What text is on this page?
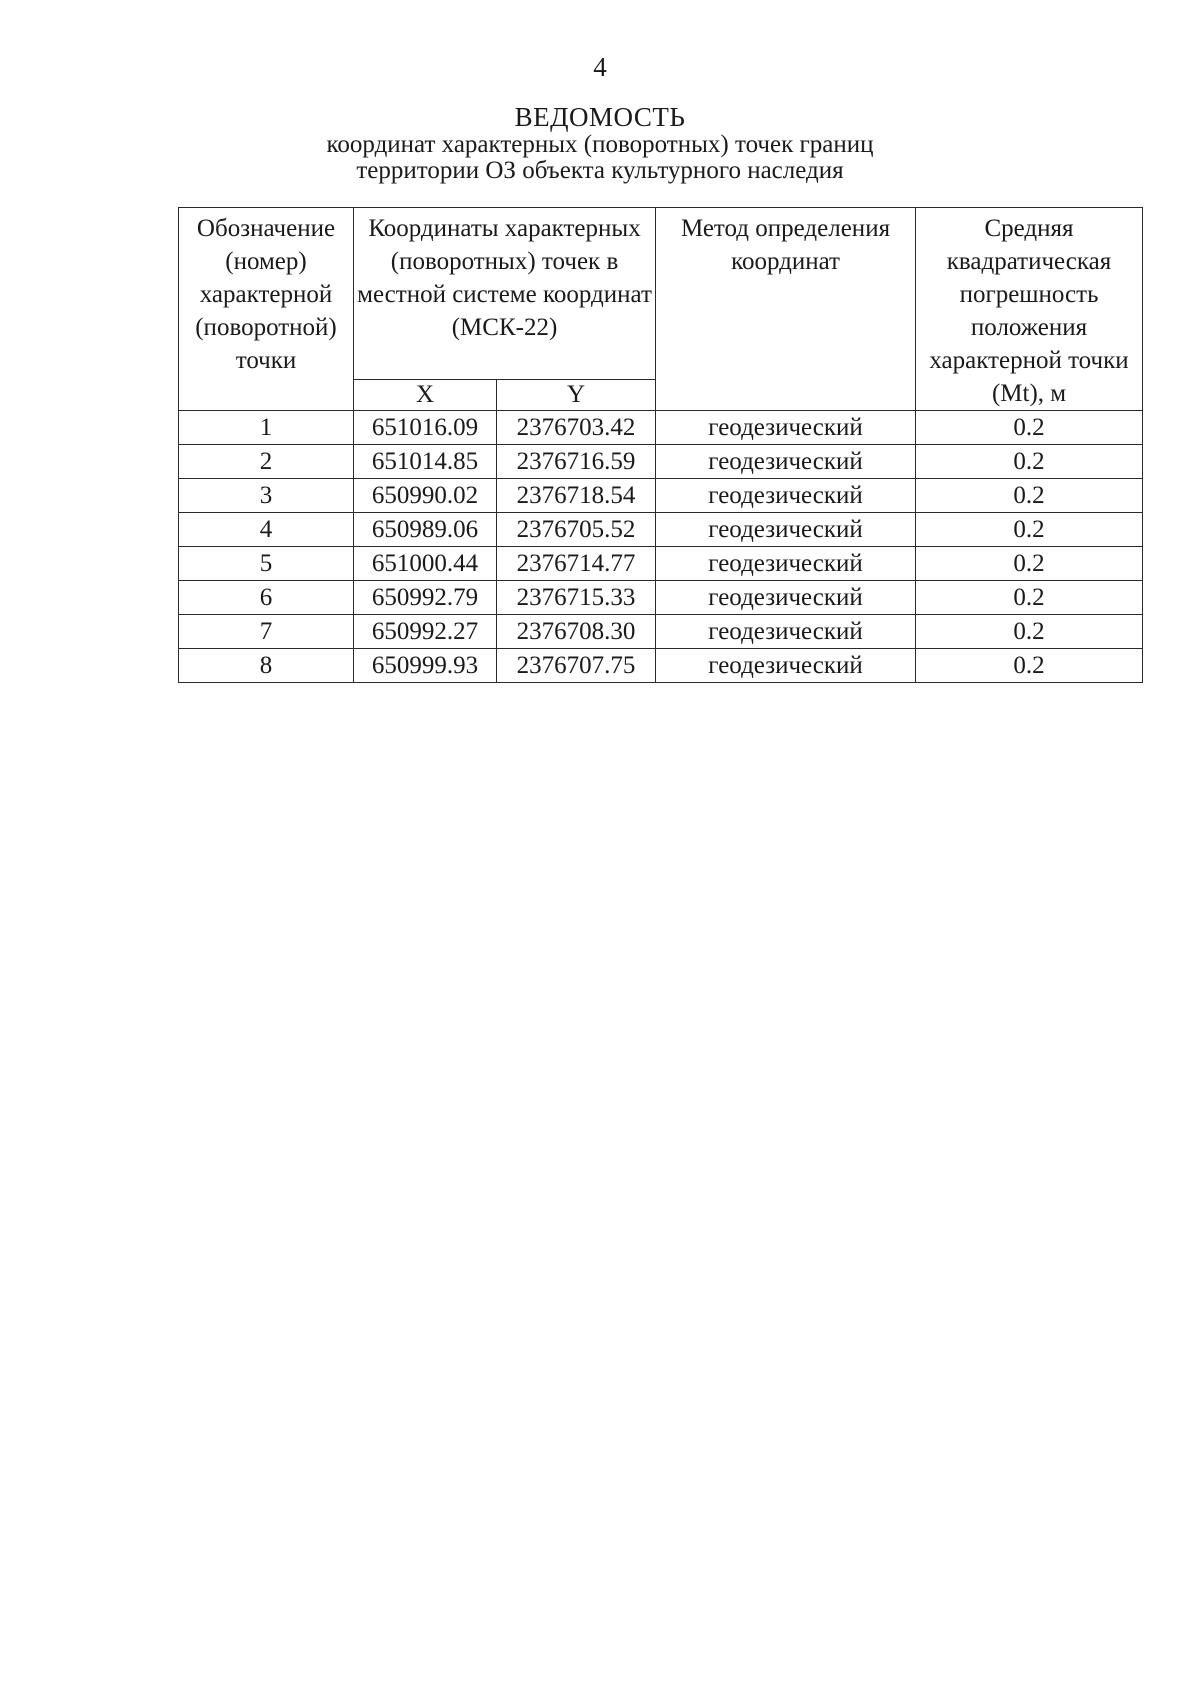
4
ВЕДОМОСТЬ
координат характерных (поворотных) точек границ
территории ОЗ объекта культурного наследия
Обозначение (номер) характерной (поворотной) точки	Координаты характерных (поворотных) точек в местной системе координат (МСК-22)		Метод определения координат	Средняя квадратическая погрешность положения характерной точки (Mt), м

	X	Y		
1	651016.09	2376703.42	геодезический	0.2
2	651014.85	2376716.59	геодезический	0.2
3	650990.02	2376718.54	геодезический	0.2
4	650989.06	2376705.52	геодезический	0.2
5	651000.44	2376714.77	геодезический	0.2
6	650992.79	2376715.33	геодезический	0.2
7	650992.27	2376708.30	геодезический	0.2
8	650999.93	2376707.75	геодезический	0.2
